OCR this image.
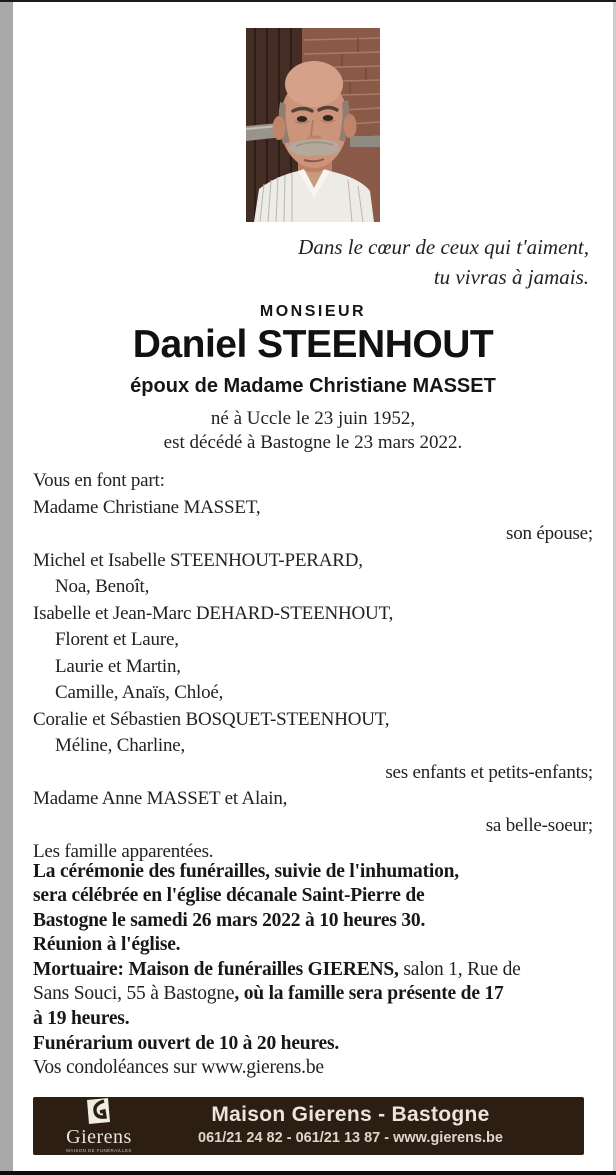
Dans le cœur de ceux qui t'aiment,
tu vivras à jamais.
MONSIEUR
Daniel STEENHOUT
époux de Madame Christiane MASSET
né à Uccle le 23 juin 1952,
est décédé à Bastogne le 23 mars 2022.
Vous en font part:
Madame Christiane MASSET,
son épouse;
Michel et Isabelle STEENHOUT-PERARD,
Noa, Benoît,
Isabelle et Jean-Marc DEHARD-STEENHOUT,
Florent et Laure,
Laurie et Martin,
Camille, Anaïs, Chloé,
Coralie et Sébastien BOSQUET-STEENHOUT,
Méline, Charline,
ses enfants et petits-enfants;
Madame Anne MASSET et Alain,
sa belle-soeur;
Les famille apparentées.
La cérémonie des funérailles, suivie de l'inhumation,
sera célébrée en l'église décanale Saint-Pierre de
Bastogne le samedi 26 mars 2022 à 10 heures 30.
Réunion à l'église.
Mortuaire: Maison de funérailles GIERENS, salon 1, Rue de
Sans Souci, 55 à Bastogne, où la famille sera présente de 17
à 19 heures.
Funérarium ouvert de 10 à 20 heures.
Vos condoléances sur www.gierens.be
Gierens
MAISON DE FUNÉRAILLES
Maison Gierens - Bastogne
061/21 24 82 - 061/21 13 87 - www.gierens.be
